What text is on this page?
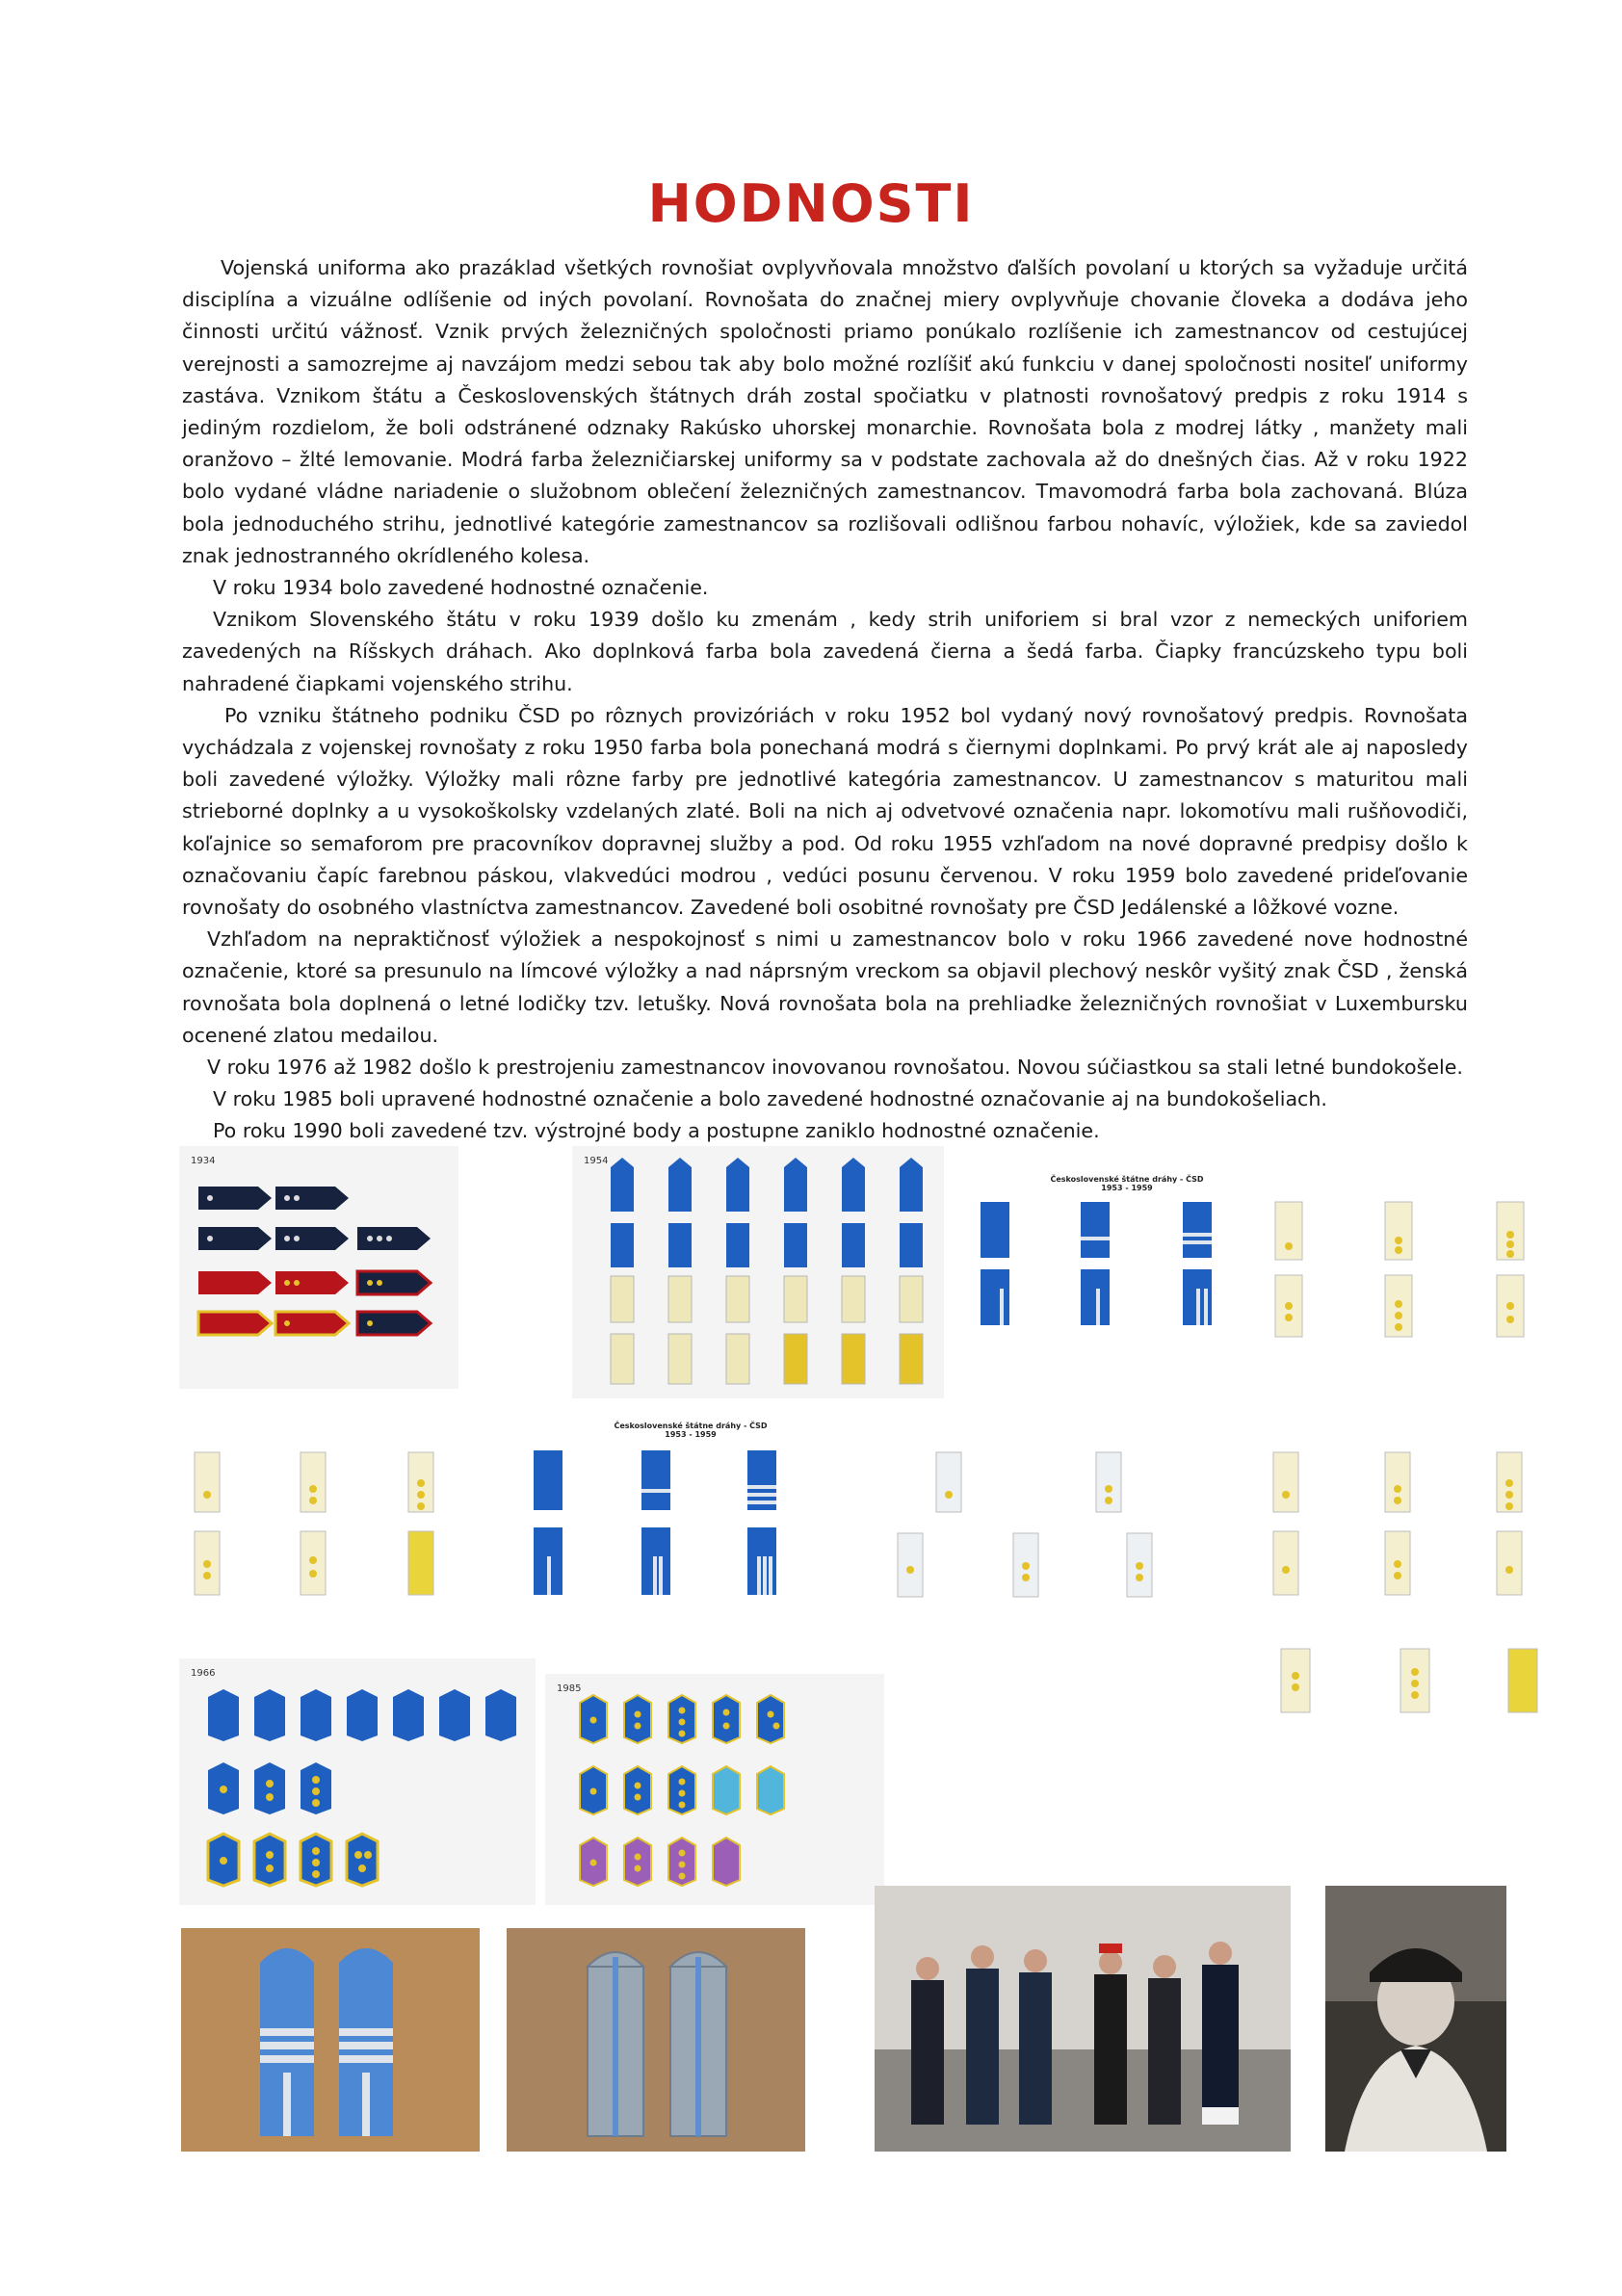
HODNOSTI

Vojenská uniforma ako prazáklad všetkých rovnošiat ovplyvňovala množstvo ďalších povolaní u ktorých sa vyžaduje určitá disciplína a vizuálne odlíšenie od iných povolaní. Rovnošata do značnej miery ovplyvňuje chovanie človeka a dodáva jeho činnosti určitú vážnosť. Vznik prvých železničných spoločnosti priamo ponúkalo rozlíšenie ich zamestnancov od cestujúcej verejnosti a samozrejme aj navzájom medzi sebou tak aby bolo možné rozlíšiť akú funkciu v danej spoločnosti nositeľ uniformy zastáva. Vznikom štátu a Československých štátnych dráh zostal spočiatku v platnosti rovnošatový predpis z roku 1914 s jediným rozdielom, že boli odstránené odznaky Rakúsko uhorskej monarchie. Rovnošata bola z modrej látky , manžety mali oranžovo – žlté lemovanie. Modrá farba železničiarskej uniformy sa v podstate zachovala až do dnešných čias. Až v roku 1922 bolo vydané vládne nariadenie o služobnom oblečení železničných zamestnancov. Tmavomodrá farba bola zachovaná. Blúza bola jednoduchého strihu, jednotlivé kategórie zamestnancov sa rozlišovali odlišnou farbou nohavíc, výložiek, kde sa zaviedol znak jednostranného okrídleného kolesa.

V roku 1934 bolo zavedené hodnostné označenie.

Vznikom Slovenského štátu v roku 1939 došlo ku zmenám , kedy strih uniforiem si bral vzor z nemeckých uniforiem zavedených na Ríšskych dráhach. Ako doplnková farba bola zavedená čierna a šedá farba. Čiapky francúzskeho typu boli nahradené čiapkami vojenského strihu.

Po vzniku štátneho podniku ČSD po rôznych provizóriách v roku 1952 bol vydaný nový rovnošatový predpis. Rovnošata vychádzala z vojenskej rovnošaty z roku 1950 farba bola ponechaná modrá s čiernymi doplnkami. Po prvý krát ale aj naposledy boli zavedené výložky. Výložky mali rôzne farby pre jednotlivé kategória zamestnancov. U zamestnancov s maturitou mali strieborné doplnky a u vysokoškolsky vzdelaných zlaté. Boli na nich aj odvetvové označenia napr. lokomotívu mali rušňovodiči, koľajnice so semaforom pre pracovníkov dopravnej služby a pod. Od roku 1955 vzhľadom na nové dopravné predpisy došlo k označovaniu čapíc farebnou páskou, vlakvedúci modrou , vedúci posunu červenou. V roku 1959 bolo zavedené prideľovanie rovnošaty do osobného vlastníctva zamestnancov. Zavedené boli osobitné rovnošaty pre ČSD Jedálenské a lôžkové vozne.

Vzhľadom na nepraktičnosť výložiek a nespokojnosť s nimi u zamestnancov bolo v roku 1966 zavedené nove hodnostné označenie, ktoré sa presunulo na límcové výložky a nad náprsným vreckom sa objavil plechový neskôr vyšitý znak ČSD , ženská rovnošata bola doplnená o letné lodičky tzv. letušky. Nová rovnošata bola na prehliadke železničných rovnošiat v Luxembursku ocenené zlatou medailou.

V roku 1976 až 1982 došlo k prestrojeniu zamestnancov inovovanou rovnošatou. Novou súčiastkou sa stali letné bundokošele.

V roku 1985 boli upravené hodnostné označenie a bolo zavedené hodnostné označovanie aj na bundokošeliach.

Po roku 1990 boli zavedené tzv. výstrojné body a postupne zaniklo hodnostné označenie.

1934	1954
Československé štátne dráhy - ČSD
1953 - 1959
Československé štátne dráhy - ČSD
1953 - 1959
1966
1985
